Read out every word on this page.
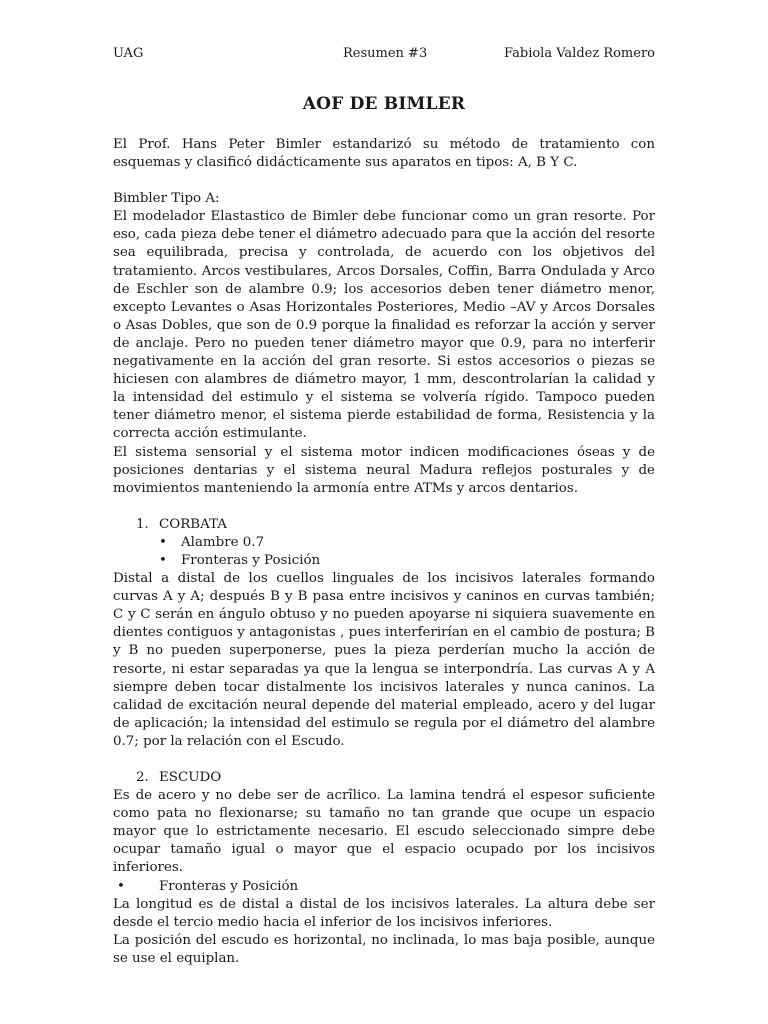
UAG	Resumen #3	Fabiola Valdez Romero
AOF DE BIMLER

El Prof. Hans Peter Bimler estandarizó su método de tratamiento con esquemas y clasificó didácticamente sus aparatos en tipos: A, B Y C.

Bimbler Tipo A:

El modelador Elastastico de Bimler debe funcionar como un gran resorte. Por eso, cada pieza debe tener el diámetro adecuado para que la acción del resorte sea equilibrada, precisa y controlada, de acuerdo con los objetivos del tratamiento. Arcos vestibulares, Arcos Dorsales, Coffin, Barra Ondulada y Arco de Eschler son de alambre 0.9; los accesorios deben tener diámetro menor, excepto Levantes o Asas Horizontales Posteriores, Medio –AV y Arcos Dorsales o Asas Dobles, que son de 0.9 porque la finalidad es reforzar la acción y server de anclaje. Pero no pueden tener diámetro mayor que 0.9, para no interferir negativamente en la acción del gran resorte. Si estos accesorios o piezas se hiciesen con alambres de diámetro mayor, 1 mm, descontrolarían la calidad y la intensidad del estimulo y el sistema se volvería rígido. Tampoco pueden tener diámetro menor, el sistema pierde estabilidad de forma, Resistencia y la correcta acción estimulante.

El sistema sensorial y el sistema motor indicen modificaciones óseas y de posiciones dentarias y el sistema neural Madura reflejos posturales y de movimientos manteniendo la armonía entre ATMs y arcos dentarios.

1. CORBATA

• Alambre 0.7

• Fronteras y Posición

Distal a distal de los cuellos linguales de los incisivos laterales formando curvas A y A; después B y B pasa entre incisivos y caninos en curvas también; C y C serán en ángulo obtuso y no pueden apoyarse ni siquiera suavemente en dientes contiguos y antagonistas , pues interferirían en el cambio de postura; B y B no pueden superponerse, pues la pieza perderían mucho la acción de resorte, ni estar separadas ya que la lengua se interpondría. Las curvas A y A siempre deben tocar distalmente los incisivos laterales y nunca caninos. La calidad de excitación neural depende del material empleado, acero y del lugar de aplicación; la intensidad del estimulo se regula por el diámetro del alambre 0.7; por la relación con el Escudo.

2. ESCUDO

Es de acero y no debe ser de acrîlico. La lamina tendrá el espesor suficiente como pata no flexionarse; su tamaño no tan grande que ocupe un espacio mayor que lo estrictamente necesario. El escudo seleccionado simpre debe ocupar tamaño igual o mayor que el espacio ocupado por los incisivos inferiores.

•	Fronteras y Posición

La longitud es de distal a distal de los incisivos laterales. La altura debe ser desde el tercio medio hacia el inferior de los incisivos inferiores.

La posición del escudo es horizontal, no inclinada, lo mas baja posible, aunque se use el equiplan.
